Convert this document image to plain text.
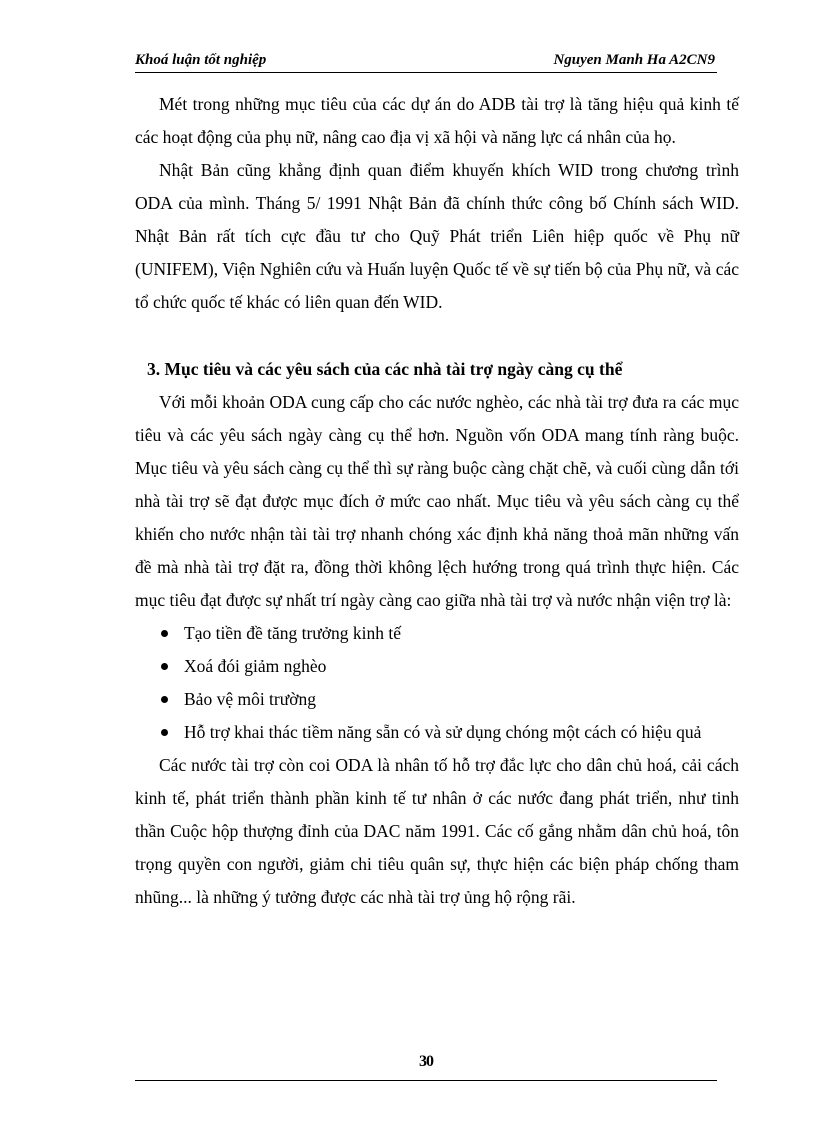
Khoá luận tốt nghiệp	Nguyen Manh Ha A2CN9

Mét trong những mục tiêu của các dự án do ADB tài trợ là tăng hiệu quả kinh tế các hoạt động của phụ nữ, nâng cao địa vị xã hội và năng lực cá nhân của họ.

Nhật Bản cũng khẳng định quan điểm khuyến khích WID trong chương trình ODA của mình. Tháng 5/ 1991 Nhật Bản đã chính thức công bố Chính sách WID. Nhật Bản rất tích cực đầu tư cho Quỹ Phát triển Liên hiệp quốc về Phụ nữ (UNIFEM), Viện Nghiên cứu và Huấn luyện Quốc tế về sự tiến bộ của Phụ nữ, và các tổ chức quốc tế khác có liên quan đến WID.

3. Mục tiêu và các yêu sách của các nhà tài trợ ngày càng cụ thể

Với mỗi khoản ODA cung cấp cho các nước nghèo, các nhà tài trợ đưa ra các mục tiêu và các yêu sách ngày càng cụ thể hơn. Nguồn vốn ODA mang tính ràng buộc. Mục tiêu và yêu sách càng cụ thể thì sự ràng buộc càng chặt chẽ, và cuối cùng dẫn tới nhà tài trợ sẽ đạt được mục đích ở mức cao nhất. Mục tiêu và yêu sách càng cụ thể khiến cho nước nhận tài tài trợ nhanh chóng xác định khả năng thoả mãn những vấn đề mà nhà tài trợ đặt ra, đồng thời không lệch hướng trong quá trình thực hiện. Các mục tiêu đạt được sự nhất trí ngày càng cao giữa nhà tài trợ và nước nhận viện trợ là:

Tạo tiền đề tăng trưởng kinh tế
Xoá đói giảm nghèo
Bảo vệ môi trường
Hỗ trợ khai thác tiềm năng sẵn có và sử dụng chóng một cách có hiệu quả

Các nước tài trợ còn coi ODA là nhân tố hỗ trợ đắc lực cho dân chủ hoá, cải cách kinh tế, phát triển thành phần kinh tế tư nhân ở các nước đang phát triển, như tinh thần Cuộc hộp thượng đỉnh của DAC năm 1991. Các cố gắng nhằm dân chủ hoá, tôn trọng quyền con người, giảm chi tiêu quân sự, thực hiện các biện pháp chống tham nhũng... là những ý tưởng được các nhà tài trợ ủng hộ rộng rãi.

30
